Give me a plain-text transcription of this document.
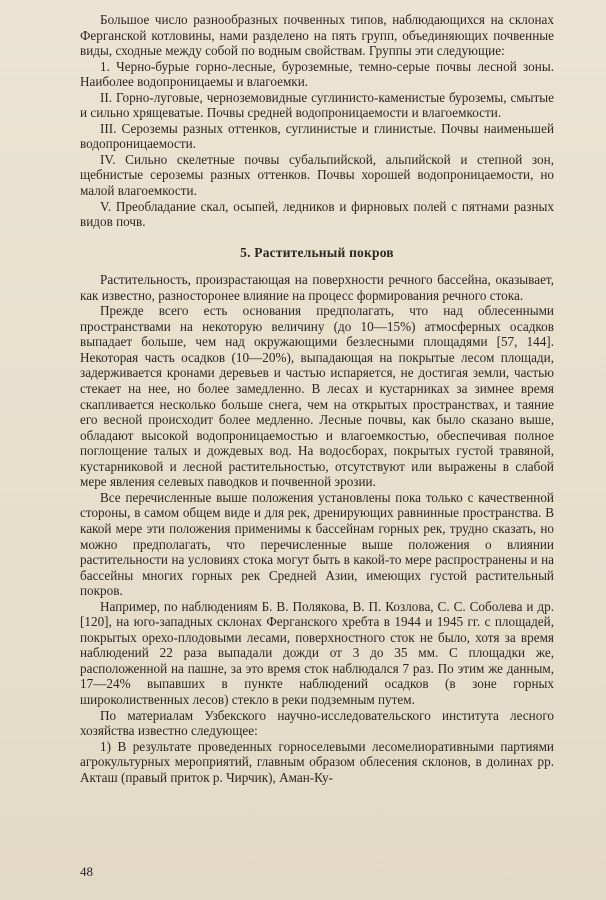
Большое число разнообразных почвенных типов, наблюдающихся на склонах Ферганской котловины, нами разделено на пять групп, объединяющих почвенные виды, сходные между собой по водным свойствам. Группы эти следующие:

1. Черно-бурые горно-лесные, буроземные, темно-серые почвы лесной зоны. Наиболее водопроницаемы и влагоемки.

II. Горно-луговые, черноземовидные суглинисто-каменистые буроземы, смытые и сильно хрящеватые. Почвы средней водопроницаемости и влагоемкости.

III. Сероземы разных оттенков, суглинистые и глинистые. Почвы наименьшей водопроницаемости.

IV. Сильно скелетные почвы субальпийской, альпийской и степной зон, щебнистые сероземы разных оттенков. Почвы хорошей водопроницаемости, но малой влагоемкости.

V. Преобладание скал, осыпей, ледников и фирновых полей с пятнами разных видов почв.

5. Растительный покров

Растительность, произрастающая на поверхности речного бассейна, оказывает, как известно, разносторонее влияние на процесс формирования речного стока.

Прежде всего есть основания предполагать, что над облесенными пространствами на некоторую величину (до 10—15%) атмосферных осадков выпадает больше, чем над окружающими безлесными площадями [57, 144]. Некоторая часть осадков (10—20%), выпадающая на покрытые лесом площади, задерживается кронами деревьев и частью испаряется, не достигая земли, частью стекает на нее, но более замедленно. В лесах и кустарниках за зимнее время скапливается несколько больше снега, чем на открытых пространствах, и таяние его весной происходит более медленно. Лесные почвы, как было сказано выше, обладают высокой водопроницаемостью и влагоемкостью, обеспечивая полное поглощение талых и дождевых вод. На водосборах, покрытых густой травяной, кустарниковой и лесной растительностью, отсутствуют или выражены в слабой мере явления селевых паводков и почвенной эрозии.

Все перечисленные выше положения установлены пока только с качественной стороны, в самом общем виде и для рек, дренирующих равнинные пространства. В какой мере эти положения применимы к бассейнам горных рек, трудно сказать, но можно предполагать, что перечисленные выше положения о влиянии растительности на условиях стока могут быть в какой-то мере распространены и на бассейны многих горных рек Средней Азии, имеющих густой растительный покров.

Например, по наблюдениям Б. В. Полякова, В. П. Козлова, С. С. Соболева и др. [120], на юго-западных склонах Ферганского хребта в 1944 и 1945 гг. с площадей, покрытых орехо-плодовыми лесами, поверхностного сток не было, хотя за время наблюдений 22 раза выпадали дожди от 3 до 35 мм. С площадки же, расположенной на пашне, за это время сток наблюдался 7 раз. По этим же данным, 17—24% выпавших в пункте наблюдений осадков (в зоне горных широколиственных лесов) стекло в реки подземным путем.

По материалам Узбекского научно-исследовательского института лесного хозяйства известно следующее:

1) В результате проведенных горноселевыми лесомелиоративными партиями агрокультурных мероприятий, главным образом облесения склонов, в долинах рр. Акташ (правый приток р. Чирчик), Аман-Ку-

48
